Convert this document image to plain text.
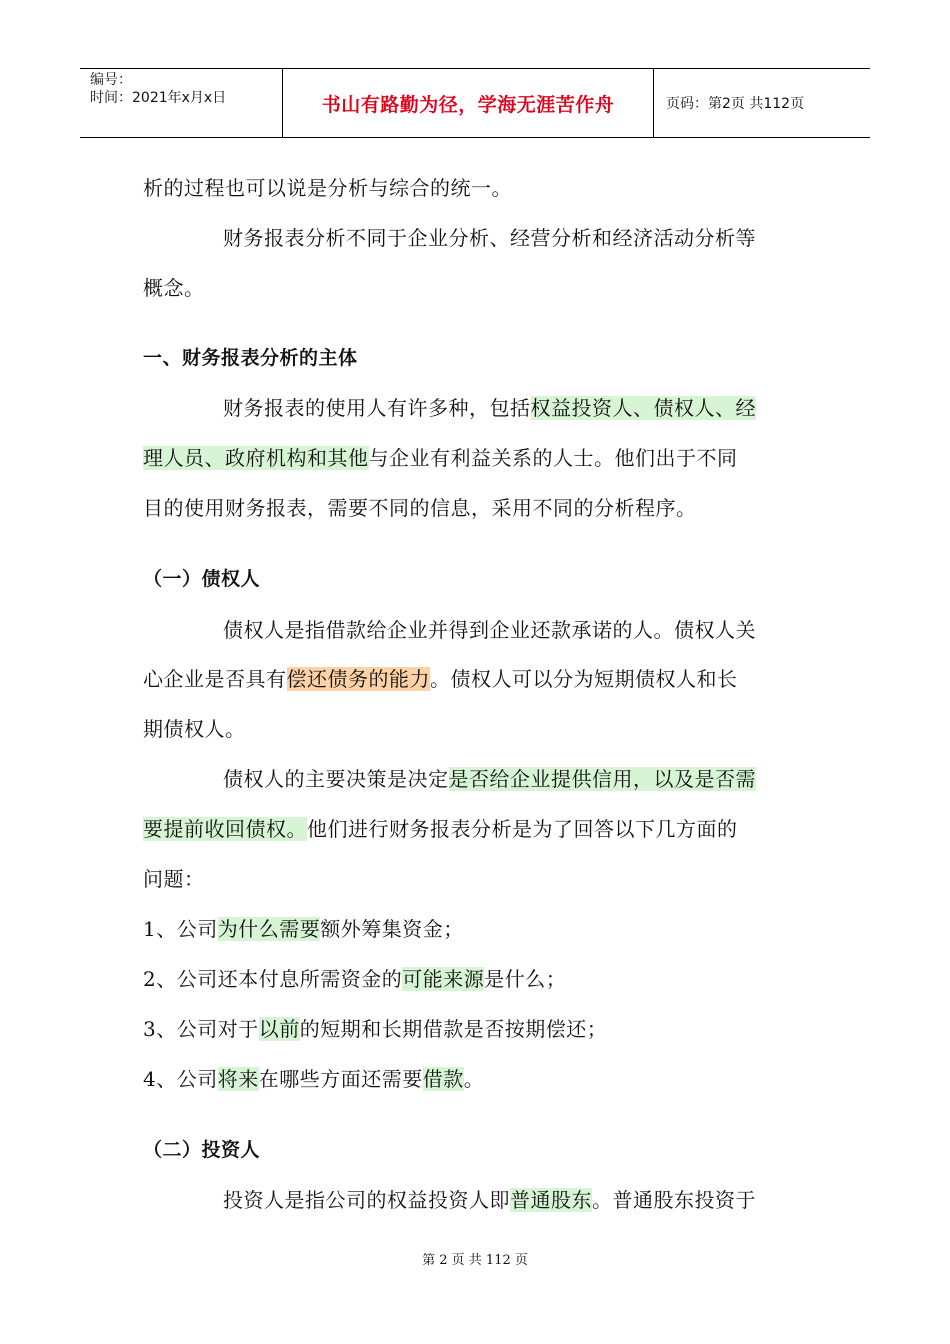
编号：
时间：2021年x月x日	书山有路勤为径，学海无涯苦作舟	页码：第2页 共112页
析的过程也可以说是分析与综合的统一。
财务报表分析不同于企业分析、经营分析和经济活动分析等
概念。
一、财务报表分析的主体
财务报表的使用人有许多种，包括权益投资人、债权人、经
理人员、政府机构和其他与企业有利益关系的人士。他们出于不同
目的使用财务报表，需要不同的信息，采用不同的分析程序。
（一）债权人
债权人是指借款给企业并得到企业还款承诺的人。债权人关
心企业是否具有偿还债务的能力。债权人可以分为短期债权人和长
期债权人。
债权人的主要决策是决定是否给企业提供信用，以及是否需
要提前收回债权。他们进行财务报表分析是为了回答以下几方面的
问题：
1、公司为什么需要额外筹集资金；
2、公司还本付息所需资金的可能来源是什么；
3、公司对于以前的短期和长期借款是否按期偿还；
4、公司将来在哪些方面还需要借款。
（二）投资人
投资人是指公司的权益投资人即普通股东。普通股东投资于
第 2 页 共 112 页
